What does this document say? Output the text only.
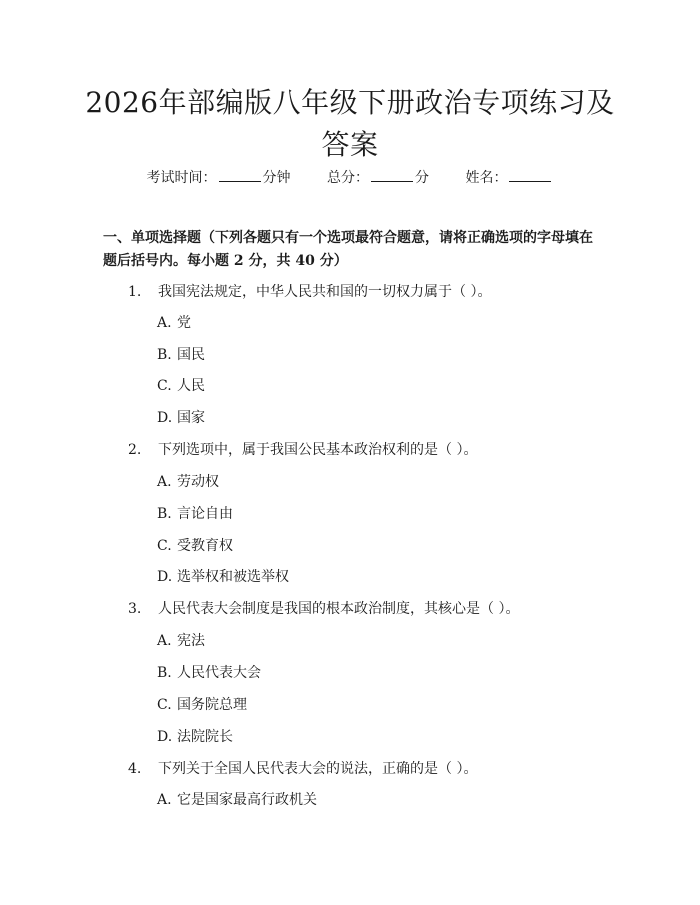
2026年部编版八年级下册政治专项练习及答案
考试时间：	分钟	总分：	分	姓名：

一、单项选择题（下列各题只有一个选项最符合题意，请将正确选项的字母填在题后括号内。每小题 2 分，共 40 分）

1. 我国宪法规定，中华人民共和国的一切权力属于（ ）。
A. 党
B. 国民
C. 人民
D. 国家
2. 下列选项中，属于我国公民基本政治权利的是（ ）。
A. 劳动权
B. 言论自由
C. 受教育权
D. 选举权和被选举权
3. 人民代表大会制度是我国的根本政治制度，其核心是（ ）。
A. 宪法
B. 人民代表大会
C. 国务院总理
D. 法院院长
4. 下列关于全国人民代表大会的说法，正确的是（ ）。
A. 它是国家最高行政机关
